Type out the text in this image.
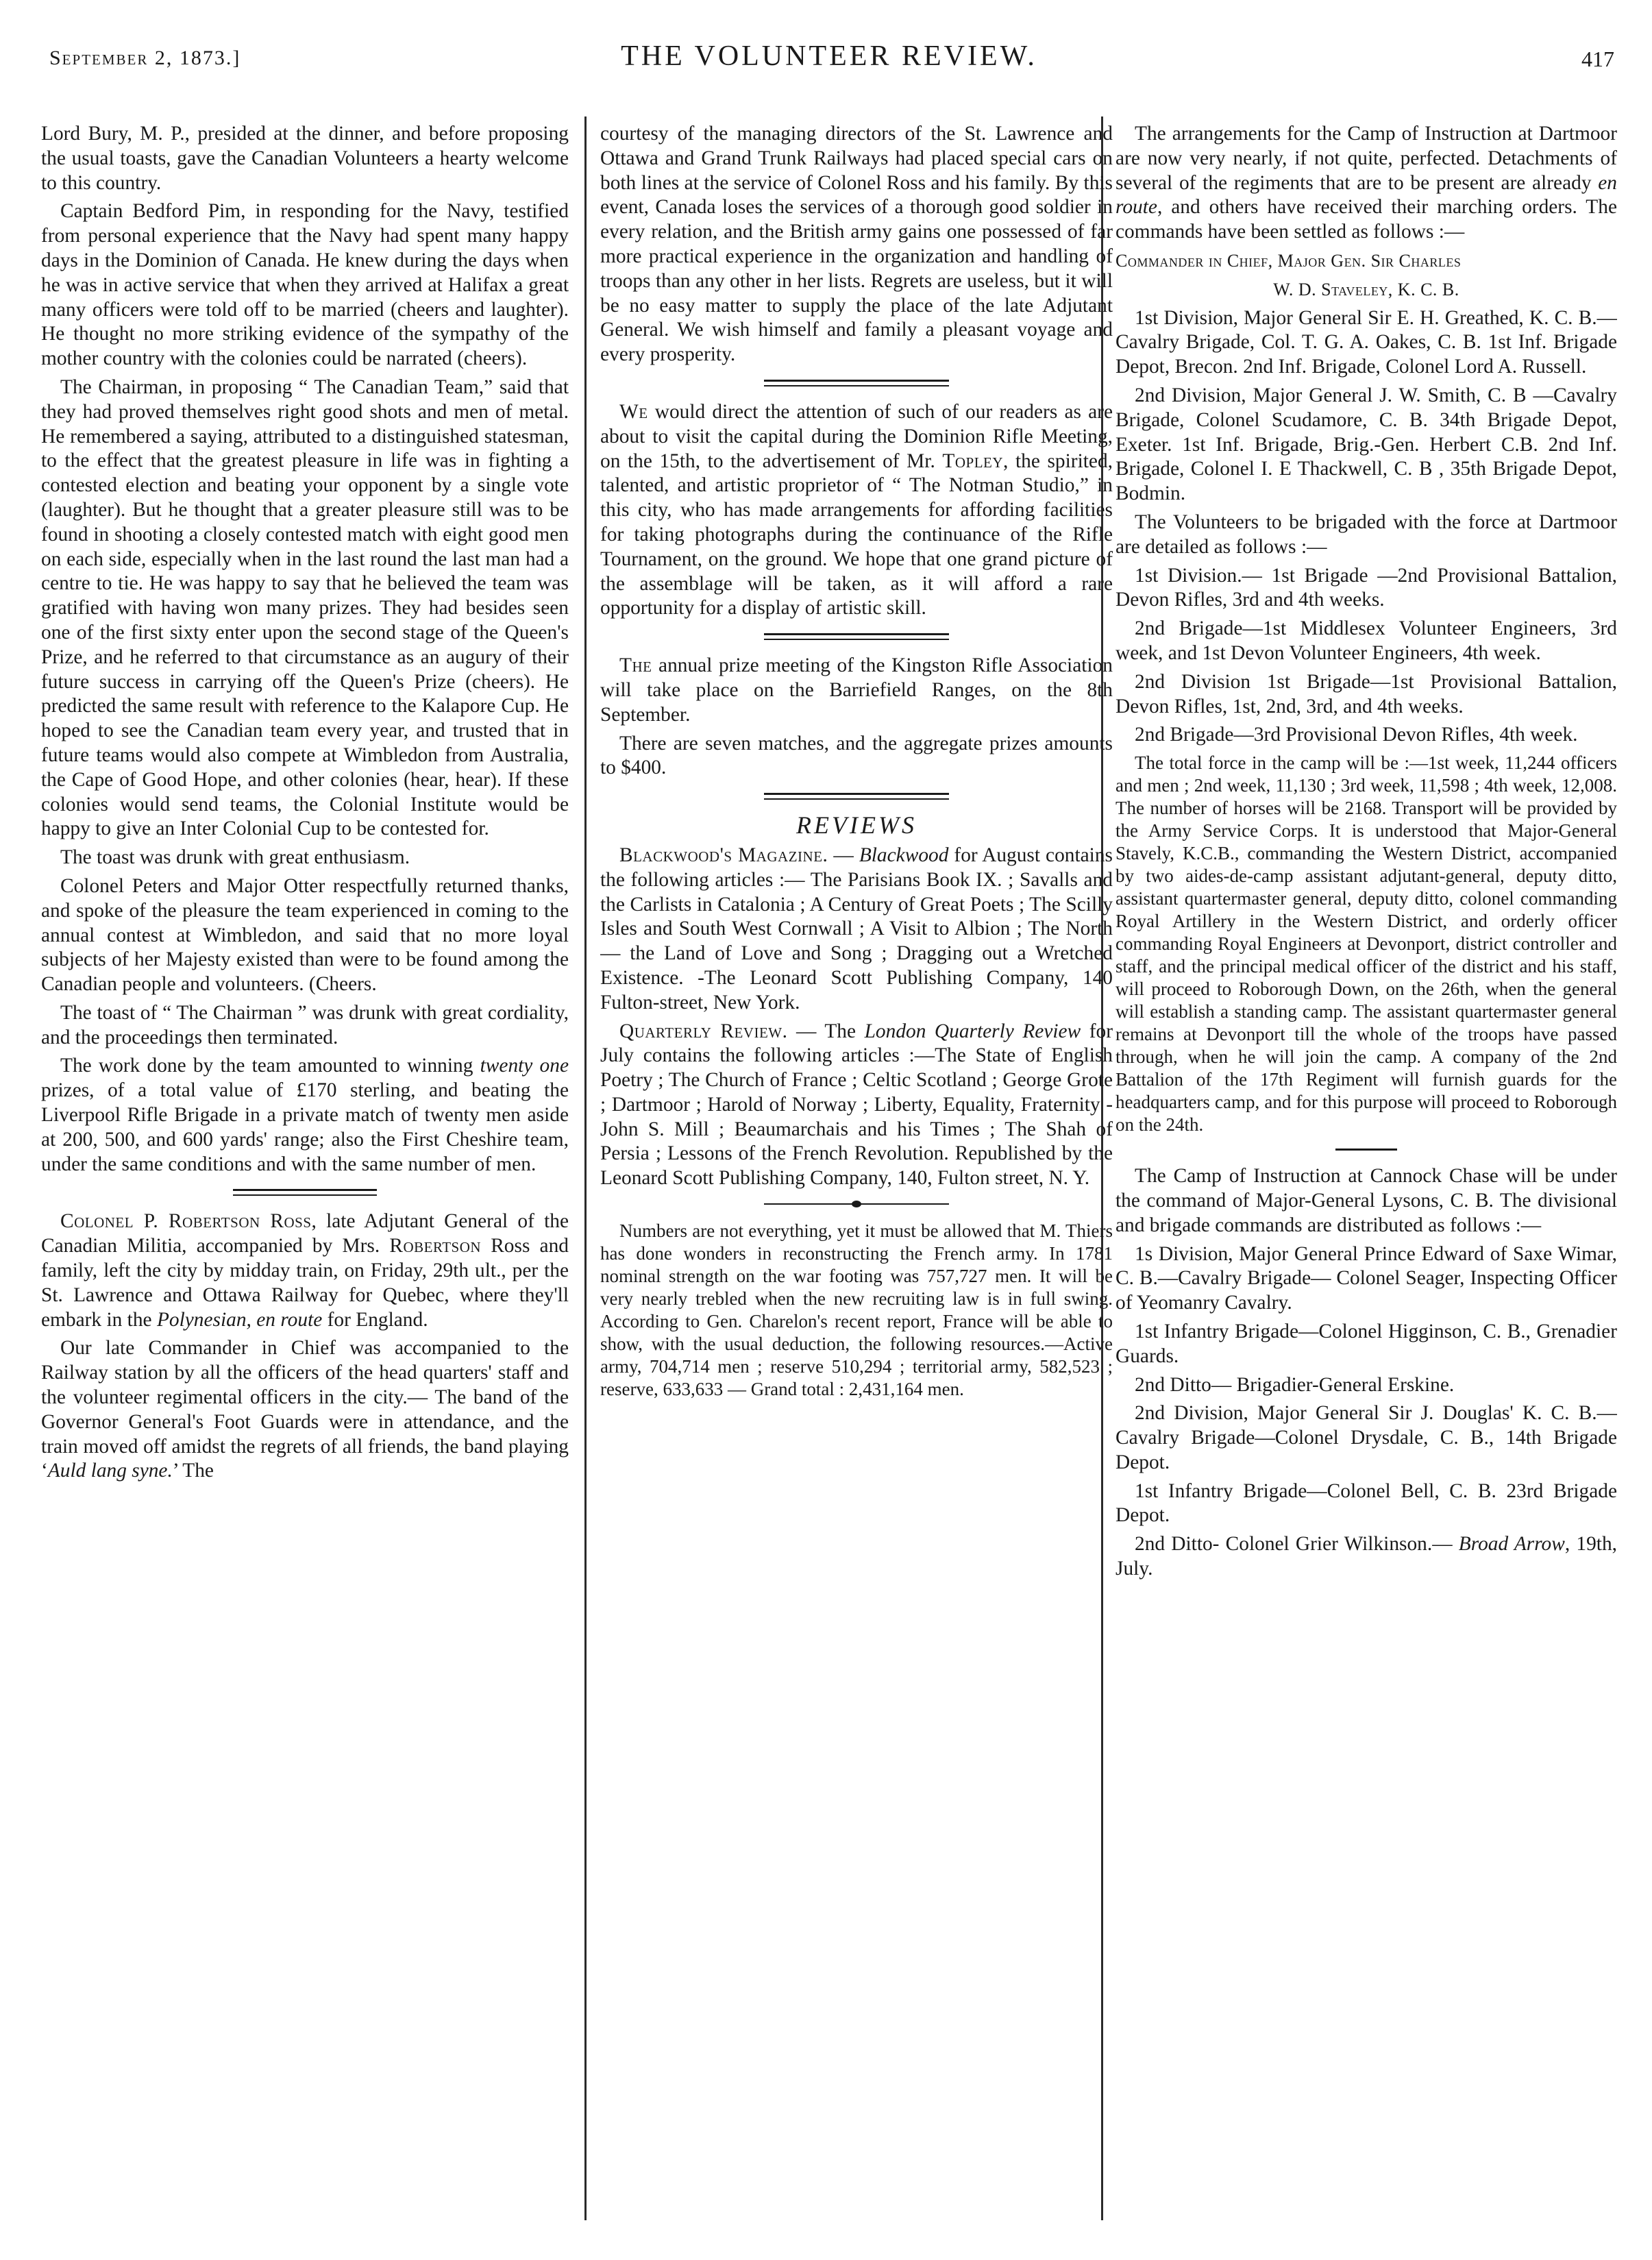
September 2, 1873.]	THE VOLUNTEER REVIEW.	417

Lord Bury, M. P., presided at the dinner, and before proposing the usual toasts, gave the Canadian Volunteers a hearty welcome to this country.

Captain Bedford Pim, in responding for the Navy, testified from personal experience that the Navy had spent many happy days in the Dominion of Canada. He knew during the days when he was in active service that when they arrived at Halifax a great many officers were told off to be married (cheers and laughter). He thought no more striking evidence of the sympathy of the mother country with the colonies could be narrated (cheers).

The Chairman, in proposing “ The Canadian Team,” said that they had proved themselves right good shots and men of metal. He remembered a saying, attributed to a distinguished statesman, to the effect that the greatest pleasure in life was in fighting a contested election and beating your opponent by a single vote (laughter). But he thought that a greater pleasure still was to be found in shooting a closely contested match with eight good men on each side, especially when in the last round the last man had a centre to tie. He was happy to say that he believed the team was gratified with having won many prizes. They had besides seen one of the first sixty enter upon the second stage of the Queen's Prize, and he referred to that circumstance as an augury of their future success in carrying off the Queen's Prize (cheers). He predicted the same result with reference to the Kalapore Cup. He hoped to see the Canadian team every year, and trusted that in future teams would also compete at Wimbledon from Australia, the Cape of Good Hope, and other colonies (hear, hear). If these colonies would send teams, the Colonial Institute would be happy to give an Inter Colonial Cup to be contested for.

The toast was drunk with great enthusiasm.

Colonel Peters and Major Otter respectfully returned thanks, and spoke of the pleasure the team experienced in coming to the annual contest at Wimbledon, and said that no more loyal subjects of her Majesty existed than were to be found among the Canadian people and volunteers. (Cheers.

The toast of “ The Chairman ” was drunk with great cordiality, and the proceedings then terminated.

The work done by the team amounted to winning twenty one prizes, of a total value of £170 sterling, and beating the Liverpool Rifle Brigade in a private match of twenty men aside at 200, 500, and 600 yards' range; also the First Cheshire team, under the same conditions and with the same number of men.

Colonel P. Robertson Ross, late Adjutant General of the Canadian Militia, accompanied by Mrs. Robertson Ross and family, left the city by midday train, on Friday, 29th ult., per the St. Lawrence and Ottawa Railway for Quebec, where they'll embark in the Polynesian, en route for England.

Our late Commander in Chief was accompanied to the Railway station by all the officers of the head quarters' staff and the volunteer regimental officers in the city.— The band of the Governor General's Foot Guards were in attendance, and the train moved off amidst the regrets of all friends, the band playing ‘Auld lang syne.’ The

courtesy of the managing directors of the St. Lawrence and Ottawa and Grand Trunk Railways had placed special cars on both lines at the service of Colonel Ross and his family. By this event, Canada loses the services of a thorough good soldier in every relation, and the British army gains one possessed of far more practical experience in the organization and handling of troops than any other in her lists. Regrets are useless, but it will be no easy matter to supply the place of the late Adjutant General. We wish himself and family a pleasant voyage and every prosperity.

We would direct the attention of such of our readers as are about to visit the capital during the Dominion Rifle Meeting, on the 15th, to the advertisement of Mr. Topley, the spirited, talented, and artistic proprietor of “ The Notman Studio,” in this city, who has made arrangements for affording facilities for taking photographs during the continuance of the Rifle Tournament, on the ground. We hope that one grand picture of the assemblage will be taken, as it will afford a rare opportunity for a display of artistic skill.

The annual prize meeting of the Kingston Rifle Association will take place on the Barriefield Ranges, on the 8th September.

There are seven matches, and the aggregate prizes amounts to $400.

REVIEWS

Blackwood's Magazine. — Blackwood for August contains the following articles :— The Parisians Book IX. ; Savalls and the Carlists in Catalonia ; A Century of Great Poets ; The Scilly Isles and South West Cornwall ; A Visit to Albion ; The North— the Land of Love and Song ; Dragging out a Wretched Existence. -The Leonard Scott Publishing Company, 140 Fulton-street, New York.

Quarterly Review. — The London Quarterly Review for July contains the following articles :—The State of English Poetry ; The Church of France ; Celtic Scotland ; George Grote ; Dartmoor ; Harold of Norway ; Liberty, Equality, Fraternity - John S. Mill ; Beaumarchais and his Times ; The Shah of Persia ; Lessons of the French Revolution. Republished by the Leonard Scott Publishing Company, 140, Fulton street, N. Y.

Numbers are not everything, yet it must be allowed that M. Thiers has done wonders in reconstructing the French army. In 1781 nominal strength on the war footing was 757,727 men. It will be very nearly trebled when the new recruiting law is in full swing. According to Gen. Charelon's recent report, France will be able to show, with the usual deduction, the following resources.—Active army, 704,714 men ; reserve 510,294 ; territorial army, 582,523 ; reserve, 633,633 — Grand total : 2,431,164 men.

The arrangements for the Camp of Instruction at Dartmoor are now very nearly, if not quite, perfected. Detachments of several of the regiments that are to be present are already en route, and others have received their marching orders. The commands have been settled as follows :—

Commander in Chief, Major Gen. Sir Charles

W. D. Staveley, K. C. B.

1st Division, Major General Sir E. H. Greathed, K. C. B.—Cavalry Brigade, Col. T. G. A. Oakes, C. B. 1st Inf. Brigade Depot, Brecon. 2nd Inf. Brigade, Colonel Lord A. Russell.

2nd Division, Major General J. W. Smith, C. B —Cavalry Brigade, Colonel Scudamore, C. B. 34th Brigade Depot, Exeter. 1st Inf. Brigade, Brig.-Gen. Herbert C.B. 2nd Inf. Brigade, Colonel I. E Thackwell, C. B , 35th Brigade Depot, Bodmin.

The Volunteers to be brigaded with the force at Dartmoor are detailed as follows :—

1st Division.— 1st Brigade —2nd Provisional Battalion, Devon Rifles, 3rd and 4th weeks.

2nd Brigade—1st Middlesex Volunteer Engineers, 3rd week, and 1st Devon Volunteer Engineers, 4th week.

2nd Division 1st Brigade—1st Provisional Battalion, Devon Rifles, 1st, 2nd, 3rd, and 4th weeks.

2nd Brigade—3rd Provisional Devon Rifles, 4th week.

The total force in the camp will be :—1st week, 11,244 officers and men ; 2nd week, 11,130 ; 3rd week, 11,598 ; 4th week, 12,008. The number of horses will be 2168. Transport will be provided by the Army Service Corps. It is understood that Major-General Stavely, K.C.B., commanding the Western District, accompanied by two aides-de-camp assistant adjutant-general, deputy ditto, assistant quartermaster general, deputy ditto, colonel commanding Royal Artillery in the Western District, and orderly officer commanding Royal Engineers at Devonport, district controller and staff, and the principal medical officer of the district and his staff, will proceed to Roborough Down, on the 26th, when the general will establish a standing camp. The assistant quartermaster general remains at Devonport till the whole of the troops have passed through, when he will join the camp. A company of the 2nd Battalion of the 17th Regiment will furnish guards for the headquarters camp, and for this purpose will proceed to Roborough on the 24th.

The Camp of Instruction at Cannock Chase will be under the command of Major-General Lysons, C. B. The divisional and brigade commands are distributed as follows :—

1s Division, Major General Prince Edward of Saxe Wimar, C. B.—Cavalry Brigade— Colonel Seager, Inspecting Officer of Yeomanry Cavalry.

1st Infantry Brigade—Colonel Higginson, C. B., Grenadier Guards.

2nd Ditto— Brigadier-General Erskine.

2nd Division, Major General Sir J. Douglas' K. C. B.— Cavalry Brigade—Colonel Drysdale, C. B., 14th Brigade Depot.

1st Infantry Brigade—Colonel Bell, C. B. 23rd Brigade Depot.

2nd Ditto- Colonel Grier Wilkinson.— Broad Arrow, 19th, July.
